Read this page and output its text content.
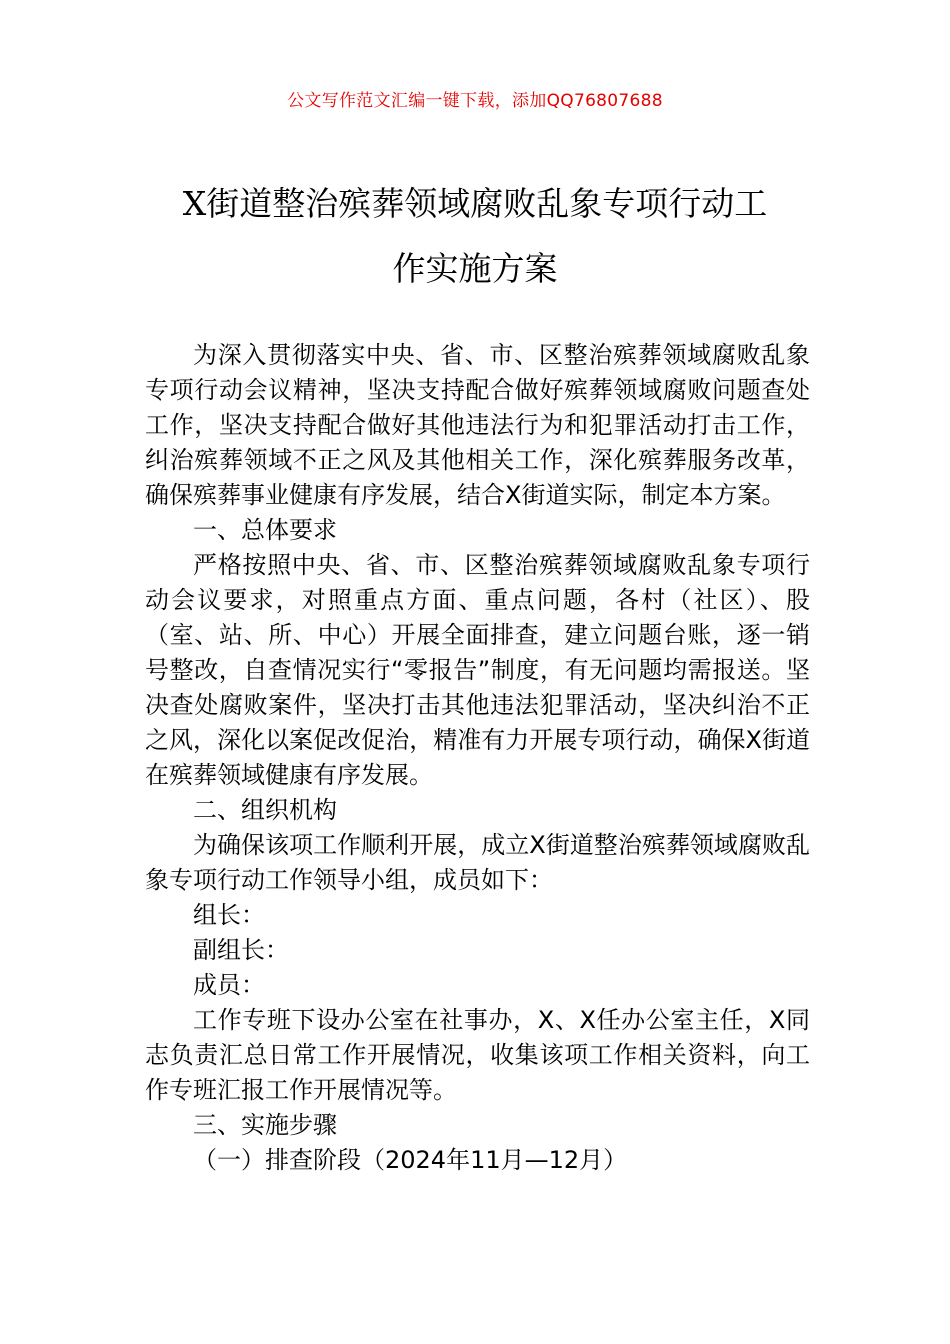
公文写作范文汇编一键下载，添加QQ76807688
X街道整治殡葬领域腐败乱象专项行动工
作实施方案

为深入贯彻落实中央、省、市、区整治殡葬领域腐败乱象专项行动会议精神，坚决支持配合做好殡葬领域腐败问题查处工作，坚决支持配合做好其他违法行为和犯罪活动打击工作，纠治殡葬领域不正之风及其他相关工作，深化殡葬服务改革，确保殡葬事业健康有序发展，结合X街道实际，制定本方案。

一、总体要求

严格按照中央、省、市、区整治殡葬领域腐败乱象专项行动会议要求，对照重点方面、重点问题，各村（社区）、股（室、站、所、中心）开展全面排查，建立问题台账，逐一销号整改，自查情况实行“零报告”制度，有无问题均需报送。坚决查处腐败案件，坚决打击其他违法犯罪活动，坚决纠治不正之风，深化以案促改促治，精准有力开展专项行动，确保X街道在殡葬领域健康有序发展。

二、组织机构

为确保该项工作顺利开展，成立X街道整治殡葬领域腐败乱象专项行动工作领导小组，成员如下：

组长：

副组长：

成员：

工作专班下设办公室在社事办，X、X任办公室主任，X同志负责汇总日常工作开展情况，收集该项工作相关资料，向工作专班汇报工作开展情况等。

三、实施步骤

（一）排查阶段（2024年11月—12月）
